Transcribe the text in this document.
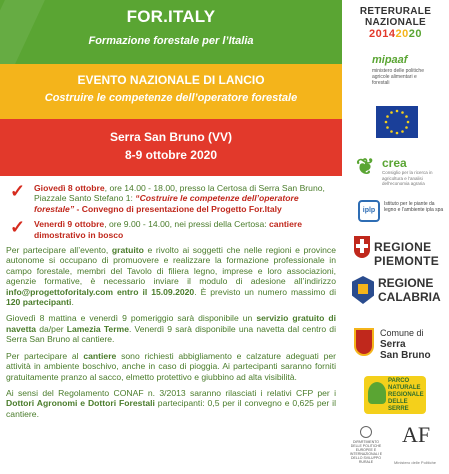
FOR.ITALY
Formazione forestale per l’Italia
EVENTO NAZIONALE DI LANCIO
Costruire le competenze dell’operatore forestale
Serra San Bruno (VV)
8-9 ottobre 2020
✓ Giovedì 8 ottobre, ore 14.00 - 18.00, presso la Certosa di Serra San Bruno, Piazzale Santo Stefano 1: “Costruire le competenze dell’operatore forestale” - Convegno di presentazione del Progetto For.Italy
✓ Venerdì 9 ottobre, ore 9.00 - 14.00, nei pressi della Certosa: cantiere dimostrativo in bosco

Per partecipare all’evento, gratuito e rivolto ai soggetti che nelle regioni e province autonome si occupano di promuovere e realizzare la formazione professionale in campo forestale, membri del Tavolo di filiera legno, imprese e loro associazioni, agenzie formative, è necessario inviare il modulo di adesione all’indirizzo info@progettoforitaly.com entro il 15.09.2020. È previsto un numero massimo di 120 partecipanti.

Giovedì 8 mattina e venerdì 9 pomeriggio sarà disponibile un servizio gratuito di navetta da/per Lamezia Terme. Venerdì 9 sarà disponibile una navetta dal centro di Serra San Bruno al cantiere.

Per partecipare al cantiere sono richiesti abbigliamento e calzature adeguati per attività in ambiente boschivo, anche in caso di pioggia. Ai partecipanti saranno forniti gratuitamente pranzo al sacco, elmetto protettivo e giubbino ad alta visibilità.

Ai sensi del Regolamento CONAF n. 3/2013 saranno rilasciati i relativi CFP per i Dottori Agronomi e Dottori Forestali partecipanti: 0,5 per il convegno e 0,625 per il cantiere.

RETERURALE
NAZIONALE
20142020
mipaaf
ministero delle politiche agricole alimentari e forestali
❦ crea
Consiglio per la ricerca in agricoltura e l’analisi dell’economia agraria
iplp
Istituto per le piante da legno e l’ambiente ipla spa
REGIONE PIEMONTE
REGIONE
CALABRIA
Comune di
Serra
San Bruno
PARCO
NATURALE
REGIONALE
DELLE
SERRE
DIPARTIMENTO DELLE POLITICHE EUROPEE E INTERNAZIONALI E DELLO SVILUPPO RURALE
AF
Ministero delle Politiche
